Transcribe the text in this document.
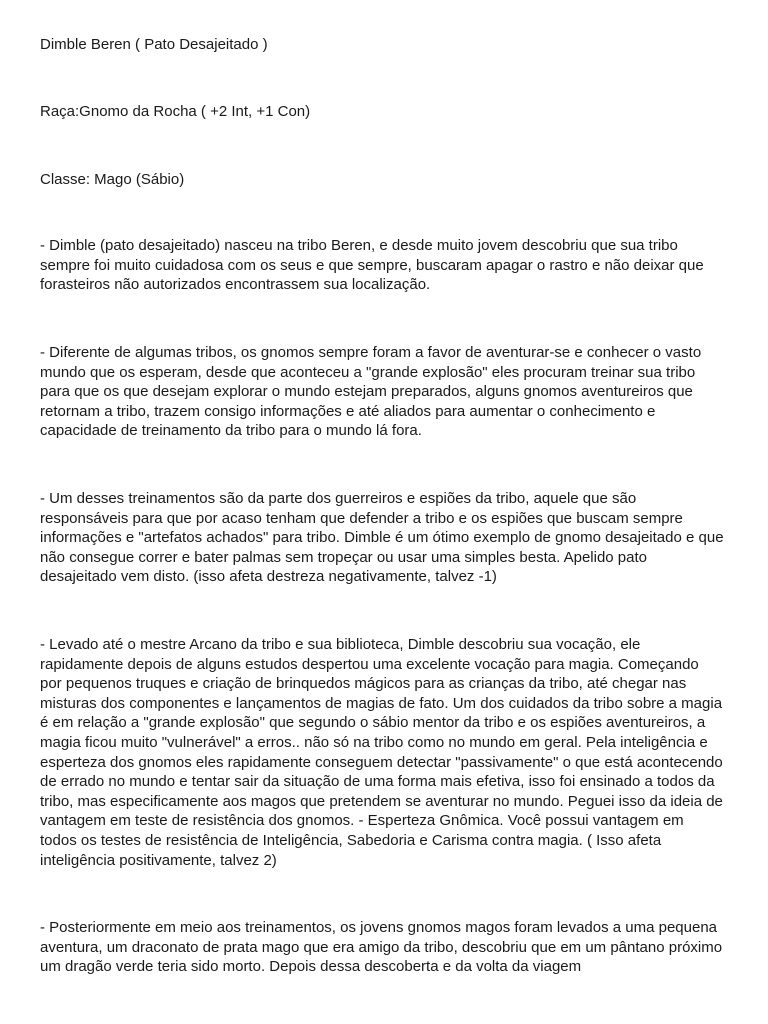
Dimble Beren ( Pato Desajeitado )

Raça:Gnomo da Rocha ( +2 Int, +1 Con)

Classe: Mago (Sábio)

- Dimble (pato desajeitado) nasceu na tribo Beren, e desde muito jovem descobriu que sua tribo sempre foi muito cuidadosa com os seus e que sempre, buscaram apagar o rastro e não deixar que forasteiros não autorizados encontrassem sua localização.

- Diferente de algumas tribos, os gnomos sempre foram a favor de aventurar-se e conhecer o vasto mundo que os esperam, desde que aconteceu a "grande explosão" eles procuram treinar sua tribo para que os que desejam explorar o mundo estejam preparados, alguns gnomos aventureiros que retornam a tribo, trazem consigo informações e até aliados para aumentar o conhecimento e capacidade de treinamento da tribo para o mundo lá fora.

- Um desses treinamentos são da parte dos guerreiros e espiões da tribo, aquele que são responsáveis para que por acaso tenham que defender a tribo e os espiões que buscam sempre informações e "artefatos achados" para tribo. Dimble é um ótimo exemplo de gnomo desajeitado e que não consegue correr e bater palmas sem tropeçar ou usar uma simples besta. Apelido pato desajeitado vem disto. (isso afeta destreza negativamente, talvez -1)

- Levado até o mestre Arcano da tribo e sua biblioteca, Dimble descobriu sua vocação, ele rapidamente depois de alguns estudos despertou uma excelente vocação para magia. Começando por pequenos truques e criação de brinquedos mágicos para as crianças da tribo, até chegar nas misturas dos componentes e lançamentos de magias de fato. Um dos cuidados da tribo sobre a magia é em relação a "grande explosão" que segundo o sábio mentor da tribo e os espiões aventureiros, a magia ficou muito "vulnerável" a erros.. não só na tribo como no mundo em geral. Pela inteligência e esperteza dos gnomos eles rapidamente conseguem detectar "passivamente" o que está acontecendo de errado no mundo e tentar sair da situação de uma forma mais efetiva, isso foi ensinado a todos da tribo, mas especificamente aos magos que pretendem se aventurar no mundo. Peguei isso da ideia de vantagem em teste de resistência dos gnomos. - Esperteza Gnômica. Você possui vantagem em todos os testes de resistência de Inteligência, Sabedoria e Carisma contra magia. ( Isso afeta inteligência positivamente, talvez 2)

- Posteriormente em meio aos treinamentos, os jovens gnomos magos foram levados a uma pequena aventura, um draconato de prata mago que era amigo da tribo, descobriu que em um pântano próximo um dragão verde teria sido morto. Depois dessa descoberta e da volta da viagem
